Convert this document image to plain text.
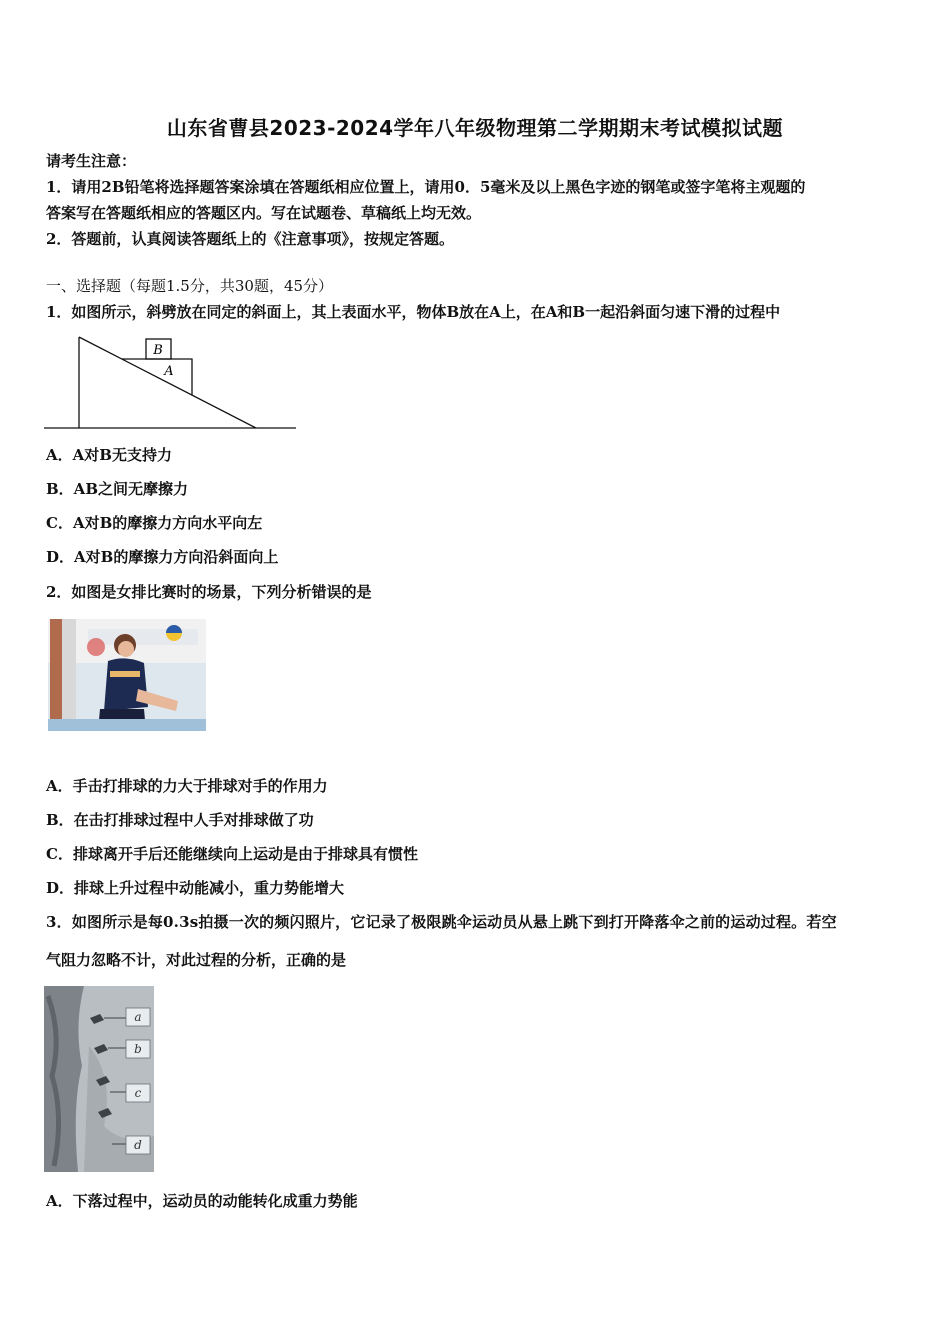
山东省曹县2023-2024学年八年级物理第二学期期末考试模拟试题
请考生注意：
1．请用2B铅笔将选择题答案涂填在答题纸相应位置上，请用0．5毫米及以上黑色字迹的钢笔或签字笔将主观题的
答案写在答题纸相应的答题区内。写在试题卷、草稿纸上均无效。
2．答题前，认真阅读答题纸上的《注意事项》，按规定答题。
一、选择题（每题1.5分，共30题，45分）
1．如图所示，斜劈放在同定的斜面上，其上表面水平，物体B放在A上，在A和B一起沿斜面匀速下滑的过程中
B
A
A．A对B无支持力
B．AB之间无摩擦力
C．A对B的摩擦力方向水平向左
D．A对B的摩擦力方向沿斜面向上
2．如图是女排比赛时的场景，下列分析错误的是
A．手击打排球的力大于排球对手的作用力
B．在击打排球过程中人手对排球做了功
C．排球离开手后还能继续向上运动是由于排球具有惯性
D．排球上升过程中动能减小，重力势能增大
3．如图所示是每0.3s拍摄一次的频闪照片，它记录了极限跳伞运动员从悬上跳下到打开降落伞之前的运动过程。若空
气阻力忽略不计，对此过程的分析，正确的是
a
b
c
d
A．下落过程中，运动员的动能转化成重力势能
